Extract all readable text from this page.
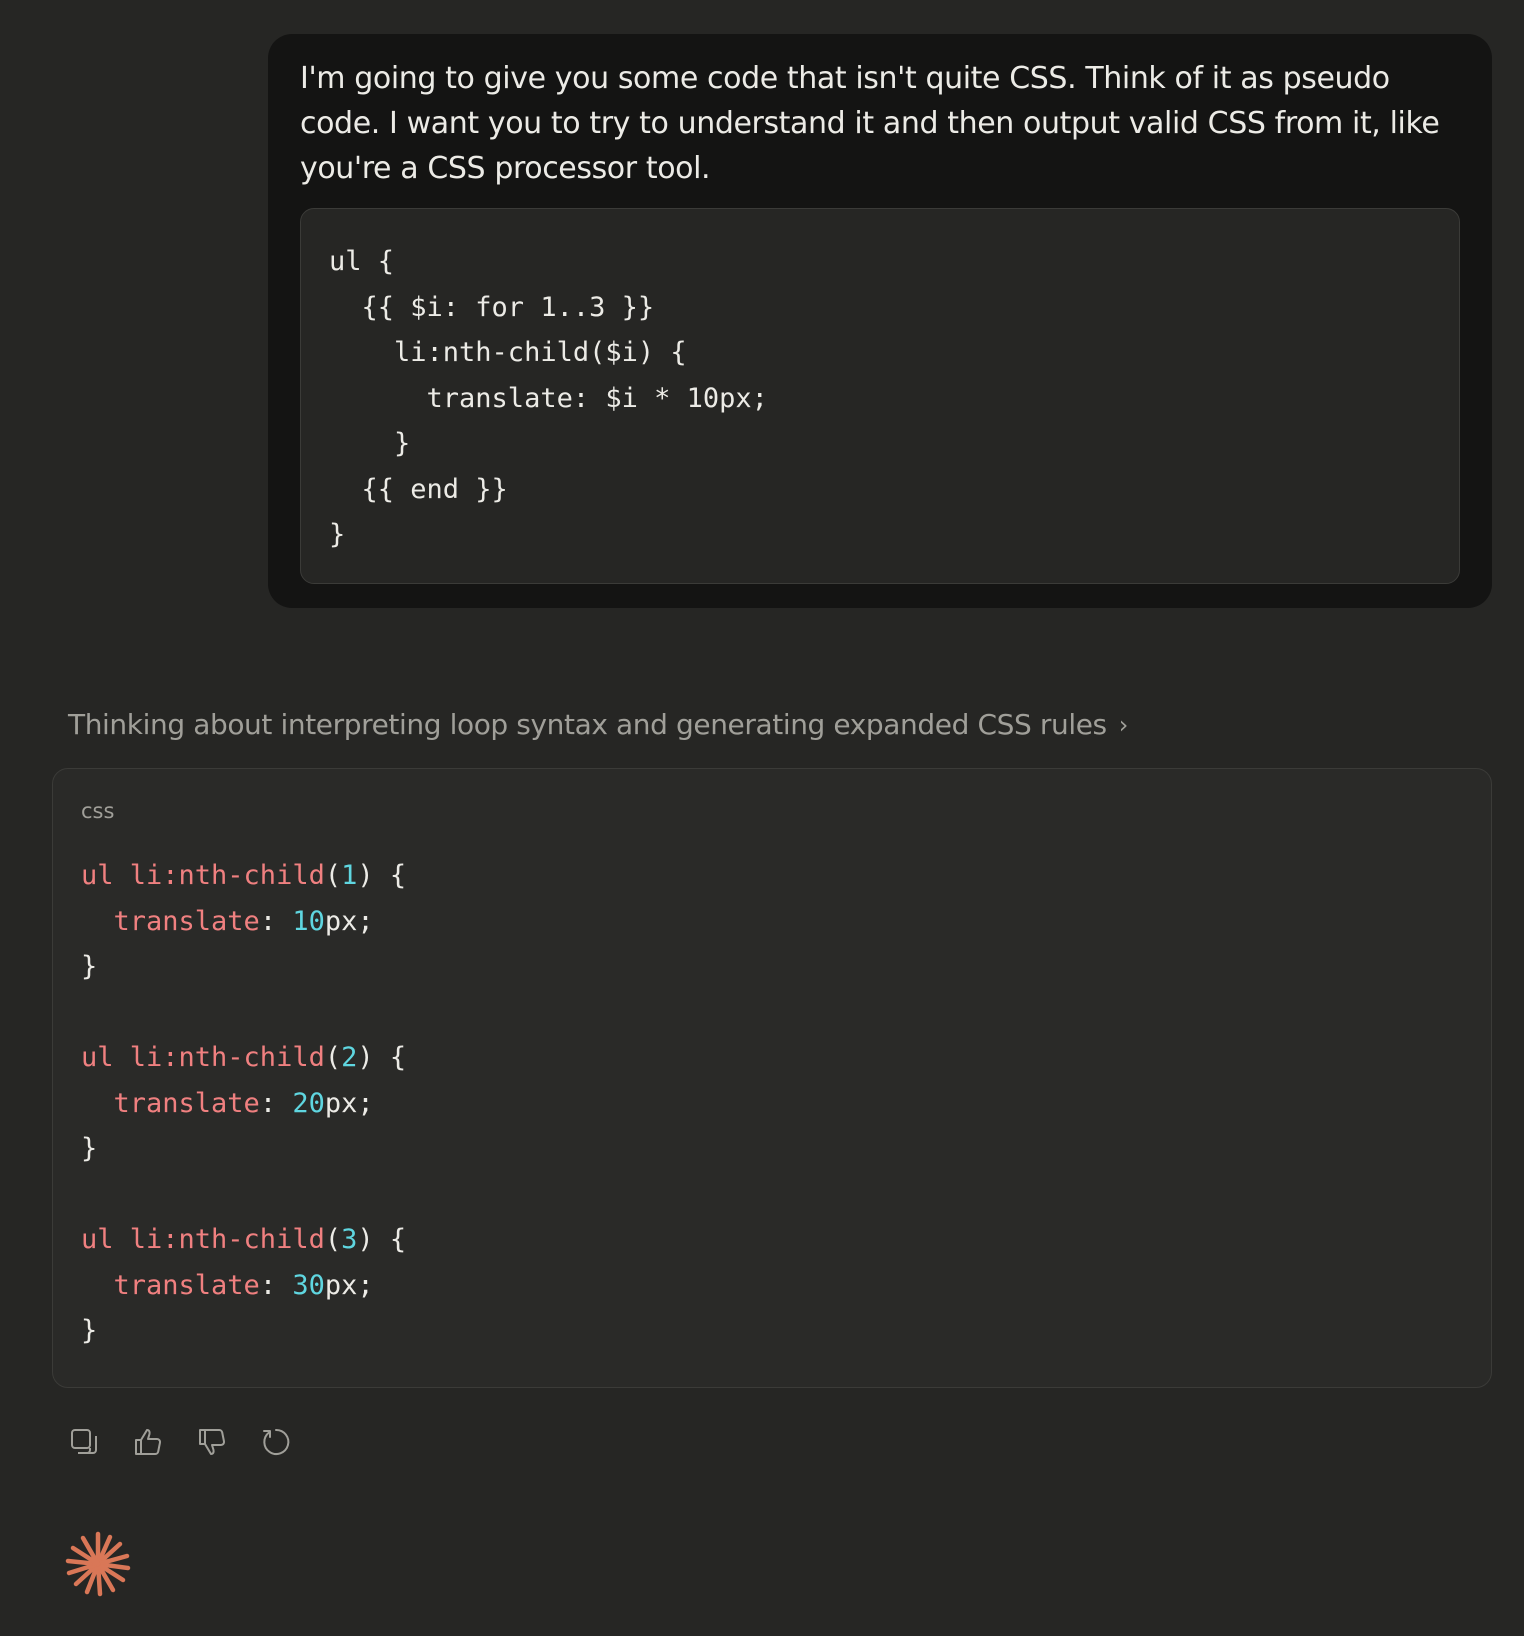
I'm going to give you some code that isn't quite CSS. Think of it as pseudo code. I want you to try to understand it and then output valid CSS from it, like you're a CSS processor tool.

ul {
{{ $i: for 1..3 }}
li:nth-child($i) {
translate: $i * 10px;
}
{{ end }}
}
Thinking about interpreting loop syntax and generating expanded CSS rules ›
css
ul li:nth-child(1) {
translate: 10px;
}
ul li:nth-child(2) {
translate: 20px;
}
ul li:nth-child(3) {
translate: 30px;
}
